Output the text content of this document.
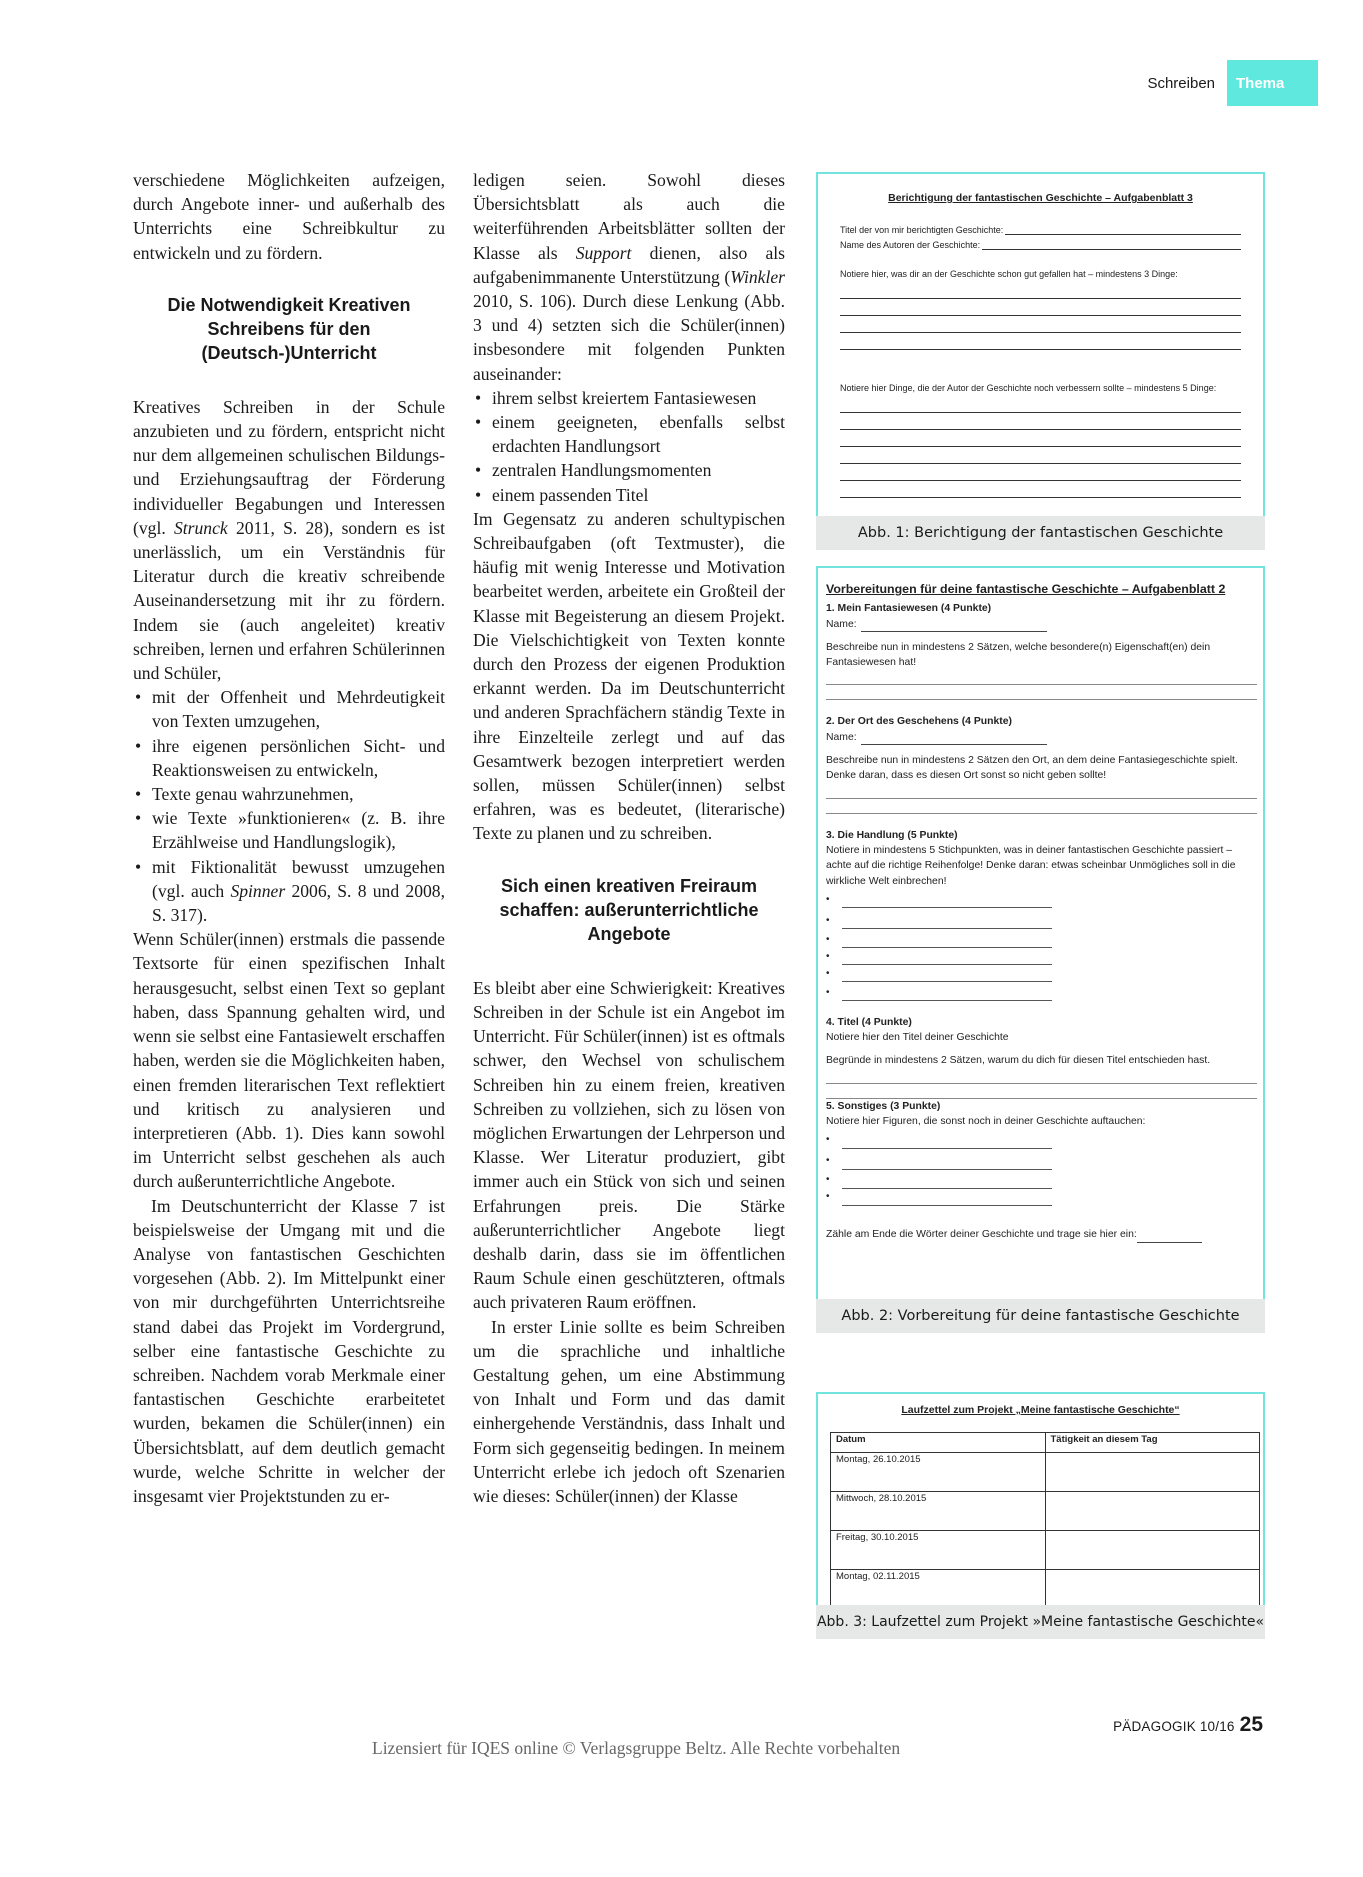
Schreiben	Thema

verschiedene Möglichkeiten aufzeigen, durch Angebote inner- und außerhalb des Unterrichts eine Schreibkultur zu entwickeln und zu fördern.

Die Notwendigkeit Kreativen Schreibens für den (Deutsch-)Unterricht

Kreatives Schreiben in der Schule anzubieten und zu fördern, entspricht nicht nur dem allgemeinen schulischen Bildungs- und Erziehungsauftrag der Förderung individueller Begabungen und Interessen (vgl. Strunck 2011, S. 28), sondern es ist unerlässlich, um ein Verständnis für Literatur durch die kreativ schreibende Auseinandersetzung mit ihr zu fördern. Indem sie (auch angeleitet) kreativ schreiben, lernen und erfahren Schülerinnen und Schüler,

• mit der Offenheit und Mehrdeutigkeit von Texten umzugehen,
• ihre eigenen persönlichen Sicht- und Reaktionsweisen zu entwickeln,
• Texte genau wahrzunehmen,
• wie Texte »funktionieren« (z. B. ihre Erzählweise und Handlungslogik),
• mit Fiktionalität bewusst umzugehen (vgl. auch Spinner 2006, S. 8 und 2008, S. 317).

Wenn Schüler(innen) erstmals die passende Textsorte für einen spezifischen Inhalt herausgesucht, selbst einen Text so geplant haben, dass Spannung gehalten wird, und wenn sie selbst eine Fantasiewelt erschaffen haben, werden sie die Möglichkeiten haben, einen fremden literarischen Text reflektiert und kritisch zu analysieren und interpretieren (Abb. 1). Dies kann sowohl im Unterricht selbst geschehen als auch durch außerunterrichtliche Angebote.

Im Deutschunterricht der Klasse 7 ist beispielsweise der Umgang mit und die Analyse von fantastischen Geschichten vorgesehen (Abb. 2). Im Mittelpunkt einer von mir durchgeführten Unterrichtsreihe stand dabei das Projekt im Vordergrund, selber eine fantastische Geschichte zu schreiben. Nachdem vorab Merkmale einer fantastischen Geschichte erarbeitetet wurden, bekamen die Schüler(innen) ein Übersichtsblatt, auf dem deutlich gemacht wurde, welche Schritte in welcher der insgesamt vier Projektstunden zu er-

ledigen seien. Sowohl dieses Übersichtsblatt als auch die weiterführenden Arbeitsblätter sollten der Klasse als Support dienen, also als aufgabenimmanente Unterstützung (Winkler 2010, S. 106). Durch diese Lenkung (Abb. 3 und 4) setzten sich die Schüler(innen) insbesondere mit folgenden Punkten auseinander:

• ihrem selbst kreiertem Fantasiewesen
• einem geeigneten, ebenfalls selbst erdachten Handlungsort
• zentralen Handlungsmomenten
• einem passenden Titel

Im Gegensatz zu anderen schultypischen Schreibaufgaben (oft Textmuster), die häufig mit wenig Interesse und Motivation bearbeitet werden, arbeitete ein Großteil der Klasse mit Begeisterung an diesem Projekt. Die Vielschichtigkeit von Texten konnte durch den Prozess der eigenen Produktion erkannt werden. Da im Deutschunterricht und anderen Sprachfächern ständig Texte in ihre Einzelteile zerlegt und auf das Gesamtwerk bezogen interpretiert werden sollen, müssen Schüler(innen) selbst erfahren, was es bedeutet, (literarische) Texte zu planen und zu schreiben.

Sich einen kreativen Freiraum schaffen: außerunterrichtliche Angebote

Es bleibt aber eine Schwierigkeit: Kreatives Schreiben in der Schule ist ein Angebot im Unterricht. Für Schüler(innen) ist es oftmals schwer, den Wechsel von schulischem Schreiben hin zu einem freien, kreativen Schreiben zu vollziehen, sich zu lösen von möglichen Erwartungen der Lehrperson und Klasse. Wer Literatur produziert, gibt immer auch ein Stück von sich und seinen Erfahrungen preis. Die Stärke außerunterrichtlicher Angebote liegt deshalb darin, dass sie im öffentlichen Raum Schule einen geschützteren, oftmals auch privateren Raum eröffnen.

In erster Linie sollte es beim Schreiben um die sprachliche und inhaltliche Gestaltung gehen, um eine Abstimmung von Inhalt und Form und das damit einhergehende Verständnis, dass Inhalt und Form sich gegenseitig bedingen. In meinem Unterricht erlebe ich jedoch oft Szenarien wie dieses: Schüler(innen) der Klasse

Berichtigung der fantastischen Geschichte – Aufgabenblatt 3
Titel der von mir berichtigten Geschichte:
Name des Autoren der Geschichte:
Notiere hier, was dir an der Geschichte schon gut gefallen hat – mindestens 3 Dinge:
Notiere hier Dinge, die der Autor der Geschichte noch verbessern sollte – mindestens 5 Dinge:
Abb. 1: Berichtigung der fantastischen Geschichte
Vorbereitungen für deine fantastische Geschichte – Aufgabenblatt 2
1. Mein Fantasiewesen (4 Punkte)
Name:
Beschreibe nun in mindestens 2 Sätzen, welche besondere(n) Eigenschaft(en) dein Fantasiewesen hat!
2. Der Ort des Geschehens (4 Punkte)
Name:
Beschreibe nun in mindestens 2 Sätzen den Ort, an dem deine Fantasiegeschichte spielt. Denke daran, dass es diesen Ort sonst so nicht geben sollte!
3. Die Handlung (5 Punkte)
Notiere in mindestens 5 Stichpunkten, was in deiner fantastischen Geschichte passiert – achte auf die richtige Reihenfolge! Denke daran: etwas scheinbar Unmögliches soll in die wirkliche Welt einbrechen!
•
•
•
•
•
•
4. Titel (4 Punkte)
Notiere hier den Titel deiner Geschichte
Begründe in mindestens 2 Sätzen, warum du dich für diesen Titel entschieden hast.
5. Sonstiges (3 Punkte)
Notiere hier Figuren, die sonst noch in deiner Geschichte auftauchen:
•
•
•
•
Zähle am Ende die Wörter deiner Geschichte und trage sie hier ein:
Abb. 2: Vorbereitung für deine fantastische Geschichte
Laufzettel zum Projekt „Meine fantastische Geschichte“
Datum	Tätigkeit an diesem Tag
Montag, 26.10.2015	
Mittwoch, 28.10.2015	
Freitag, 30.10.2015	
Montag, 02.11.2015	
Abb. 3: Laufzettel zum Projekt »Meine fantastische Geschichte«
PÄDAGOGIK 10/16 25
Lizensiert für IQES online © Verlagsgruppe Beltz. Alle Rechte vorbehalten
